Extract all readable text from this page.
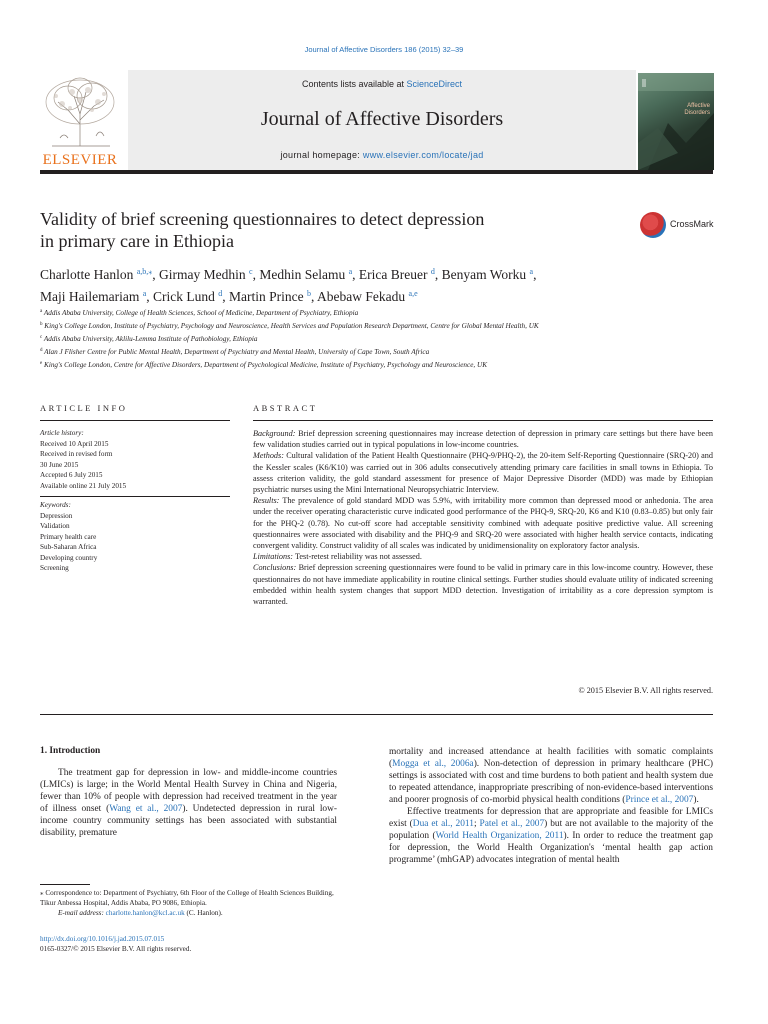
Journal of Affective Disorders 186 (2015) 32–39
ELSEVIER
Contents lists available at ScienceDirect
Journal of Affective Disorders
journal homepage: www.elsevier.com/locate/jad
Affective
Disorders
Validity of brief screening questionnaires to detect depression
in primary care in Ethiopia
CrossMark
Charlotte Hanlon $^{a,b,⁎}$, Girmay Medhin $^c$, Medhin Selamu $^a$, Erica Breuer $^d$, Benyam Worku $^a$,
Maji Hailemariam $^a$, Crick Lund $^d$, Martin Prince $^b$, Abebaw Fekadu $^{a,e}$
$^a$ Addis Ababa University, College of Health Sciences, School of Medicine, Department of Psychiatry, Ethiopia
$^b$ King's College London, Institute of Psychiatry, Psychology and Neuroscience, Health Services and Population Research Department, Centre for Global Mental Health, UK
$^c$ Addis Ababa University, Aklilu-Lemma Institute of Pathobiology, Ethiopia
$^d$ Alan J Flisher Centre for Public Mental Health, Department of Psychiatry and Mental Health, University of Cape Town, South Africa
$^e$ King's College London, Centre for Affective Disorders, Department of Psychological Medicine, Institute of Psychiatry, Psychology and Neuroscience, UK
ARTICLE INFO
Article history:
Received 10 April 2015
Received in revised form
30 June 2015
Accepted 6 July 2015
Available online 21 July 2015
Keywords:
Depression
Validation
Primary health care
Sub-Saharan Africa
Developing country
Screening
ABSTRACT

Background: Brief depression screening questionnaires may increase detection of depression in primary care settings but there have been few validation studies carried out in typical populations in low-income countries.

Methods: Cultural validation of the Patient Health Questionnaire (PHQ-9/PHQ-2), the 20-item Self-Reporting Questionnaire (SRQ-20) and the Kessler scales (K6/K10) was carried out in 306 adults consecutively attending primary care facilities in small towns in Ethiopia. To assess criterion validity, the gold standard assessment for presence of Major Depressive Disorder (MDD) was made by Ethiopian psychiatric nurses using the Mini International Neuropsychiatric Interview.

Results: The prevalence of gold standard MDD was 5.9%, with irritability more common than depressed mood or anhedonia. The area under the receiver operating characteristic curve indicated good performance of the PHQ-9, SRQ-20, K6 and K10 (0.83–0.85) but only fair for the PHQ-2 (0.78). No cut-off score had acceptable sensitivity combined with adequate positive predictive value. All screening questionnaires were associated with disability and the PHQ-9 and SRQ-20 were associated with higher health service contacts, indicating convergent validity. Construct validity of all scales was indicated by unidimensionality on exploratory factor analysis.

Limitations: Test-retest reliability was not assessed.

Conclusions: Brief depression screening questionnaires were found to be valid in primary care in this low-income country. However, these questionnaires do not have immediate applicability in routine clinical settings. Further studies should evaluate utility of indicated screening embedded within health system changes that support MDD detection. Investigation of irritability as a core depression symptom is warranted.

© 2015 Elsevier B.V. All rights reserved.
1. Introduction

The treatment gap for depression in low- and middle-income countries (LMICs) is large; in the World Mental Health Survey in China and Nigeria, fewer than 10% of people with depression had received treatment in the year of illness onset (Wang et al., 2007). Undetected depression in rural low-income country community settings has been associated with substantial disability, premature

mortality and increased attendance at health facilities with somatic complaints (Mogga et al., 2006a). Non-detection of depression in primary healthcare (PHC) settings is associated with cost and time burdens to both patient and health system due to repeated attendance, inappropriate prescribing of non-evidence-based interventions and poorer prognosis of co-morbid physical health conditions (Prince et al., 2007).

Effective treatments for depression that are appropriate and feasible for LMICs exist (Dua et al., 2011; Patel et al., 2007) but are not available to the majority of the population (World Health Organization, 2011). In order to reduce the treatment gap for depression, the World Health Organization's ‘mental health gap action programme’ (mhGAP) advocates integration of mental health

⁎ Correspondence to: Department of Psychiatry, 6th Floor of the College of Health Sciences Building, Tikur Anbessa Hospital, Addis Ababa, PO 9086, Ethiopia.
E-mail address: charlotte.hanlon@kcl.ac.uk (C. Hanlon).
http://dx.doi.org/10.1016/j.jad.2015.07.015
0165-0327/© 2015 Elsevier B.V. All rights reserved.
